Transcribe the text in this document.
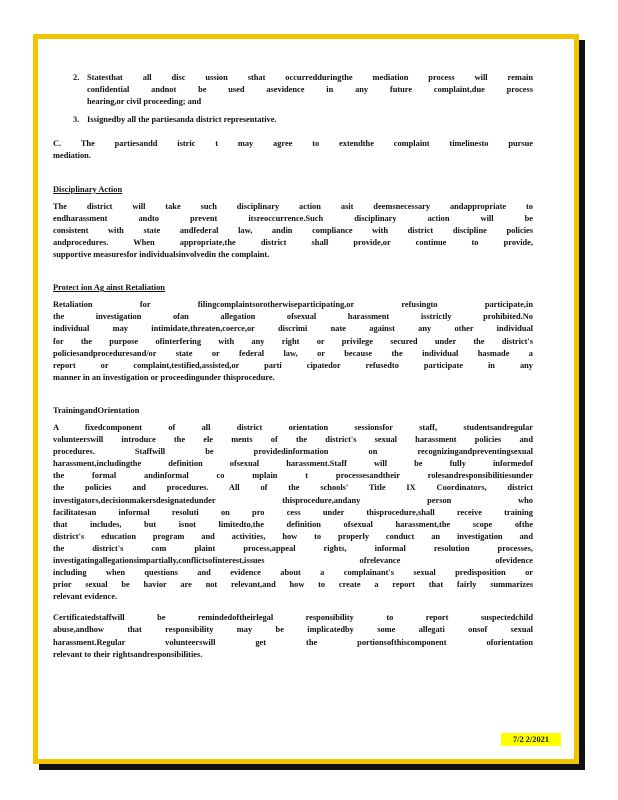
2. Statesthat all disc ussion sthat occurredduringthe mediation process will remain
confidential andnot be used asevidence in any future complaint,due process
hearing,or civil proceeding; and
3. Issignedby all the partiesanda district representative.
C. The partiesandd istric t may agree to extendthe complaint timelinesto pursue
mediation.
Disciplinary Action
The district will take such disciplinary action asit deemsnecessary andappropriate to
endharassment andto prevent itsreoccurrence.Such disciplinary action will be
consistent with state andfederal law, andin compliance with district discipline policies
andprocedures. When appropriate,the district shall provide,or continue to provide,
supportive measuresfor individualsinvolvedin the complaint.
Protect ion Ag ainst Retaliation
Retaliation for filingcomplaintsorotherwiseparticipating,or refusingto participate,in
the investigation ofan allegation ofsexual harassment isstrictly prohibited.No
individual may intimidate,threaten,coerce,or discrimi nate against any other individual
for the purpose ofinterfering with any right or privilege secured under the district's
policiesandproceduresand/or state or federal law, or because the individual hasmade a
report or complaint,testified,assisted,or parti cipatedor refusedto participate in any
manner in an investigation or proceedingunder thisprocedure.
TrainingandOrientation
A fixedcomponent of all district orientation sessionsfor staff, studentsandregular
volunteerswill introduce the ele ments of the district's sexual harassment policies and
procedures. Staffwill be providedinformation on recognizingandpreventingsexual
harassment,includingthe definition ofsexual harassment.Staff will be fully informedof
the formal andinformal co mplain t processesandtheir rolesandresponsibilitiesunder
the policies and procedures. All of the schools' Title IX Coordinators, district
investigators,decisionmakersdesignatedunder thisprocedure,andany person who
facilitatesan informal resoluti on pro cess under thisprocedure,shall receive training
that includes, but isnot limitedto,the definition ofsexual harassment,the scope ofthe
district's education program and activities, how to properly conduct an investigation and
the district's com plaint process,appeal rights, informal resolution processes,
investigatingallegationsimpartially,conflictsofinterest,issues ofrelevance ofevidence
including when questions and evidence about a complainant's sexual predisposition or
prior sexual be havior are not relevant,and how to create a report that fairly summarizes
relevant evidence.
Certificatedstaffwill be remindedoftheirlegal responsibility to report suspectedchild
abuse,andhow that responsibility may be implicatedby some allegati onsof sexual
harassment.Regular volunteerswill get the portionsofthiscomponent oforientation
relevant to their rightsandresponsibilities.
7/2 2/2021
